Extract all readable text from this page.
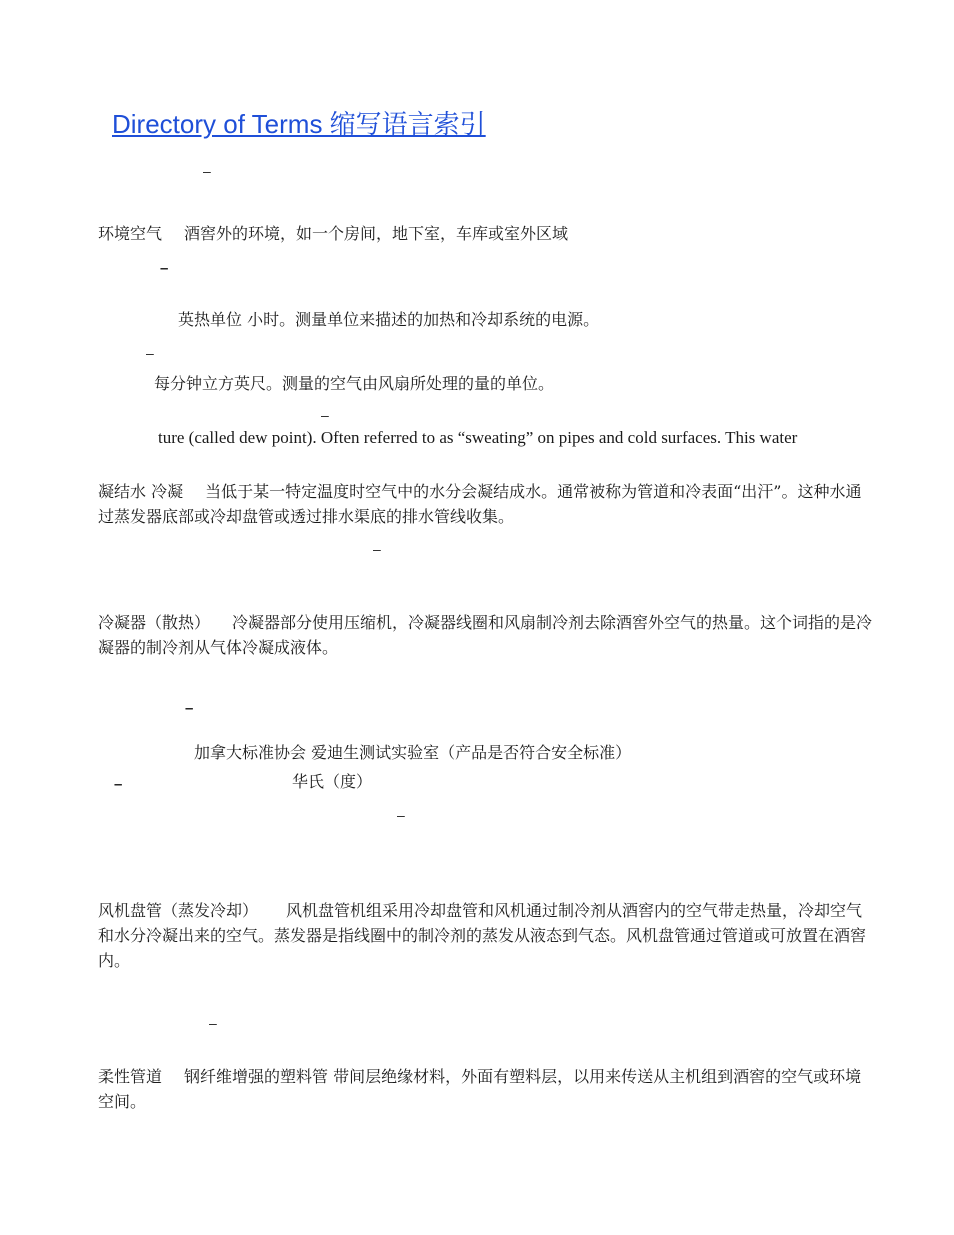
Directory of Terms 缩写语言索引
–
环境空气 酒窖外的环境，如一个房间，地下室，车库或室外区域
–
英热单位 小时。测量单位来描述的加热和冷却系统的电源。
–
每分钟立方英尺。测量的空气由风扇所处理的量的单位。
–
ture (called dew point). Often referred to as “sweating” on pipes and cold surfaces. This water
凝结水 冷凝 当低于某一特定温度时空气中的水分会凝结成水。通常被称为管道和冷表面“出汗”。这种水通过蒸发器底部或冷却盘管或透过排水渠底的排水管线收集。
–
冷凝器（散热） 冷凝器部分使用压缩机，冷凝器线圈和风扇制冷剂去除酒窖外空气的热量。这个词指的是冷凝器的制冷剂从气体冷凝成液体。
–
加拿大标准协会 爱迪生测试实验室（产品是否符合安全标准）
–	华氏（度）
–
风机盘管（蒸发冷却） 风机盘管机组采用冷却盘管和风机通过制冷剂从酒窖内的空气带走热量，冷却空气和水分冷凝出来的空气。蒸发器是指线圈中的制冷剂的蒸发从液态到气态。风机盘管通过管道或可放置在酒窖内。
–
柔性管道 钢纤维增强的塑料管 带间层绝缘材料，外面有塑料层，以用来传送从主机组到酒窖的空气或环境空间。
